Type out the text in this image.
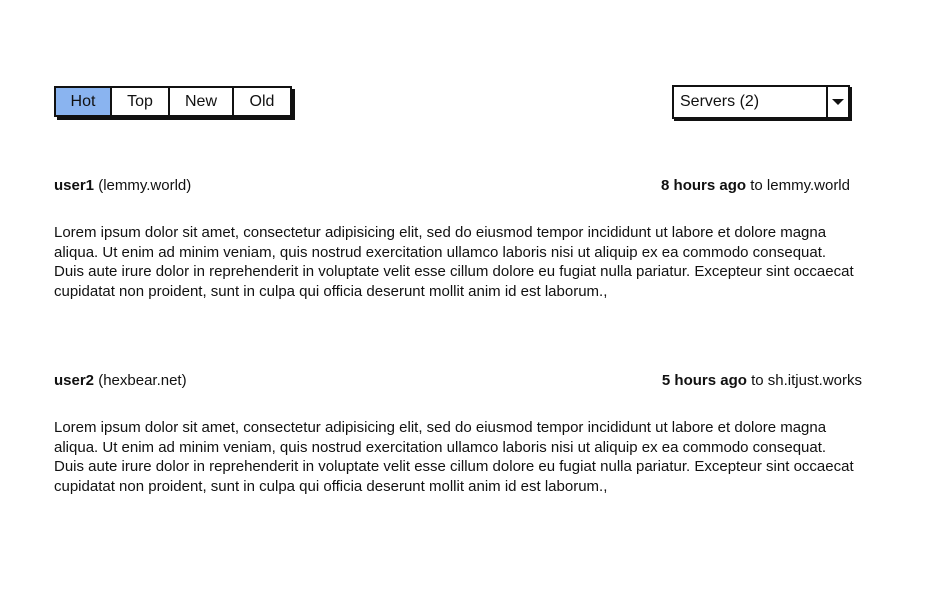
Hot	Top	New	Old	Servers (2)
user1 (lemmy.world)	8 hours ago to lemmy.world
Lorem ipsum dolor sit amet, consectetur adipisicing elit, sed do eiusmod tempor incididunt ut labore et dolore magna aliqua. Ut enim ad minim veniam, quis nostrud exercitation ullamco laboris nisi ut aliquip ex ea commodo consequat. Duis aute irure dolor in reprehenderit in voluptate velit esse cillum dolore eu fugiat nulla pariatur. Excepteur sint occaecat cupidatat non proident, sunt in culpa qui officia deserunt mollit anim id est laborum.,
user2 (hexbear.net)	5 hours ago to sh.itjust.works
Lorem ipsum dolor sit amet, consectetur adipisicing elit, sed do eiusmod tempor incididunt ut labore et dolore magna aliqua. Ut enim ad minim veniam, quis nostrud exercitation ullamco laboris nisi ut aliquip ex ea commodo consequat. Duis aute irure dolor in reprehenderit in voluptate velit esse cillum dolore eu fugiat nulla pariatur. Excepteur sint occaecat cupidatat non proident, sunt in culpa qui officia deserunt mollit anim id est laborum.,
